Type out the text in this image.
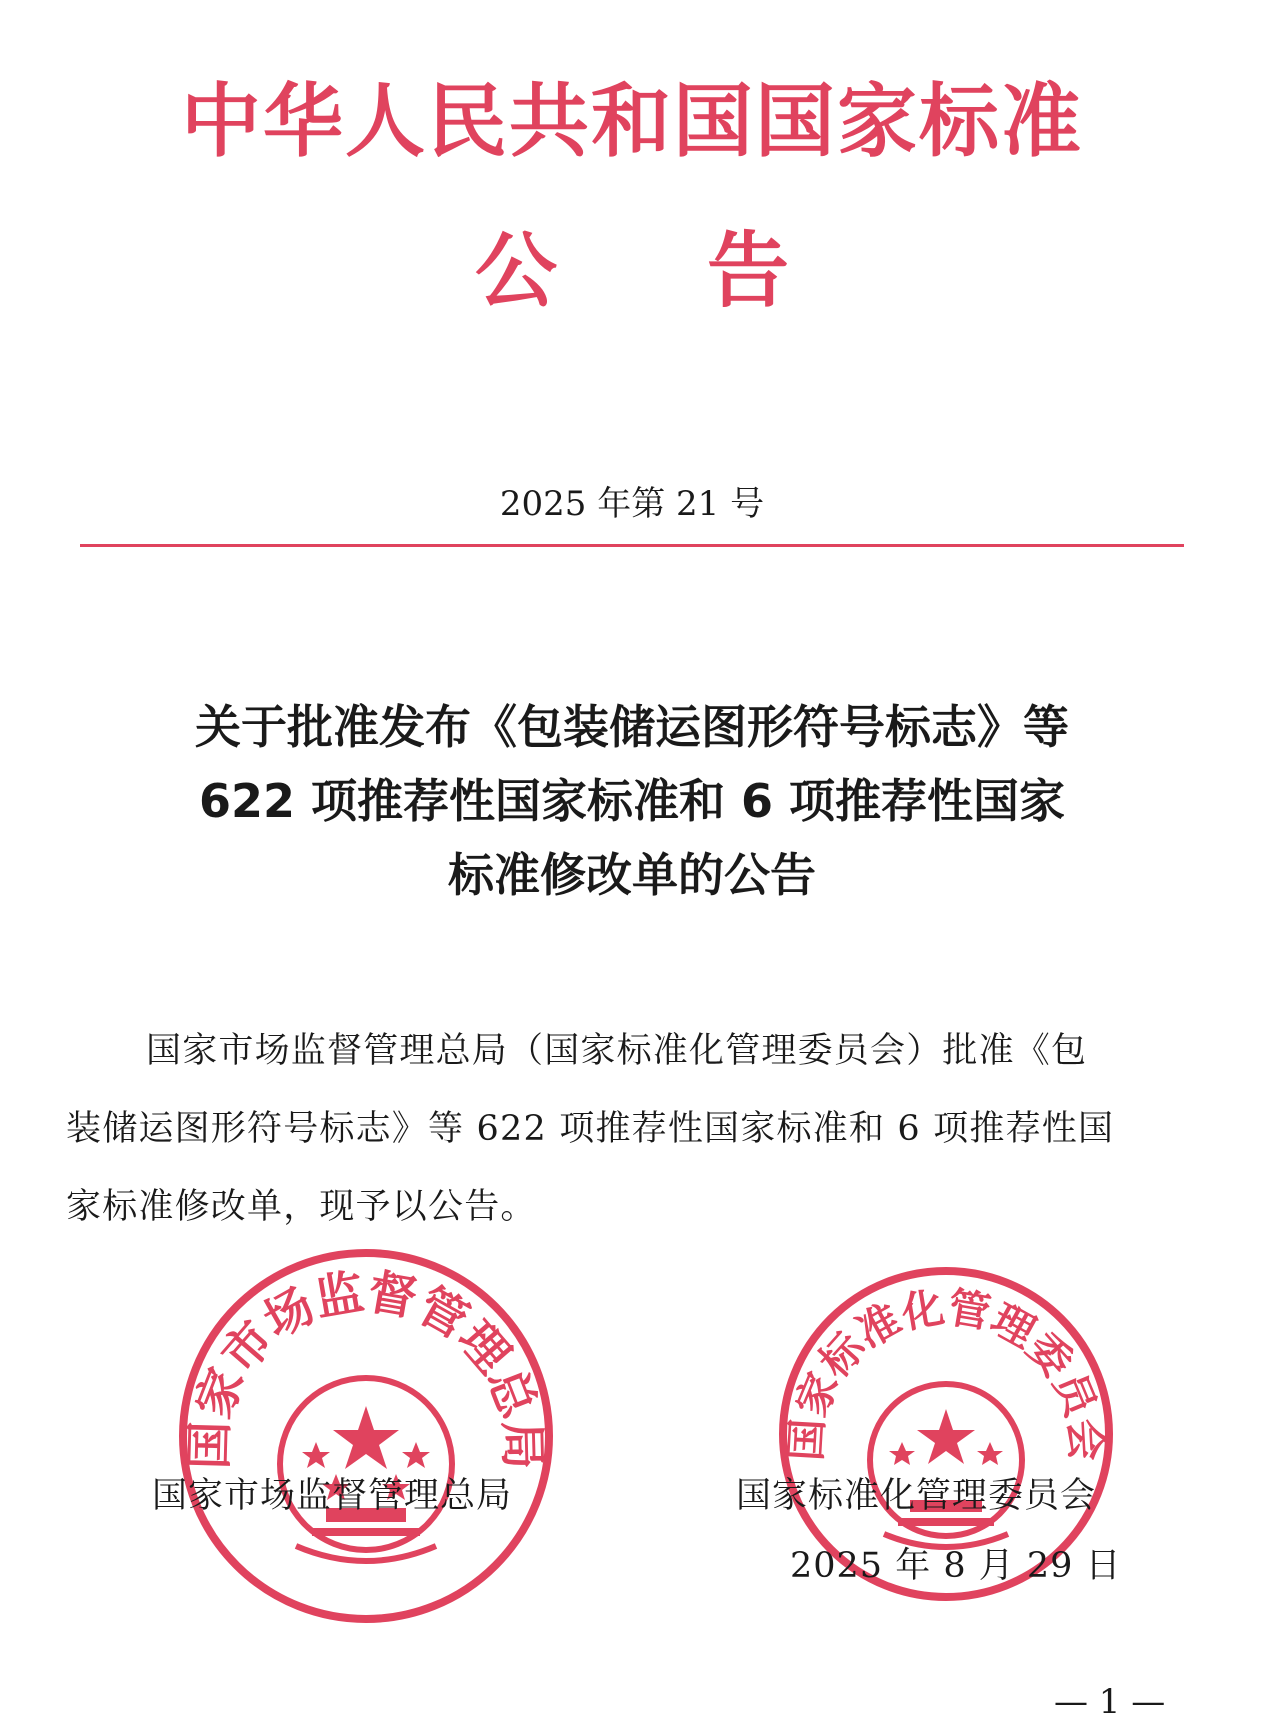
中华人民共和国国家标准
公告
2025 年第 21 号
关于批准发布《包装储运图形符号标志》等
622 项推荐性国家标准和 6 项推荐性国家
标准修改单的公告
国家市场监督管理总局（国家标准化管理委员会）批准《包
装储运图形符号标志》等 622 项推荐性国家标准和 6 项推荐性国
家标准修改单，现予以公告。
国家市场监督管理总局	国家标准化管理委员会
国家市场监督管理总局	国家标准化管理委员会
2025 年 8 月 29 日
— 1 —
